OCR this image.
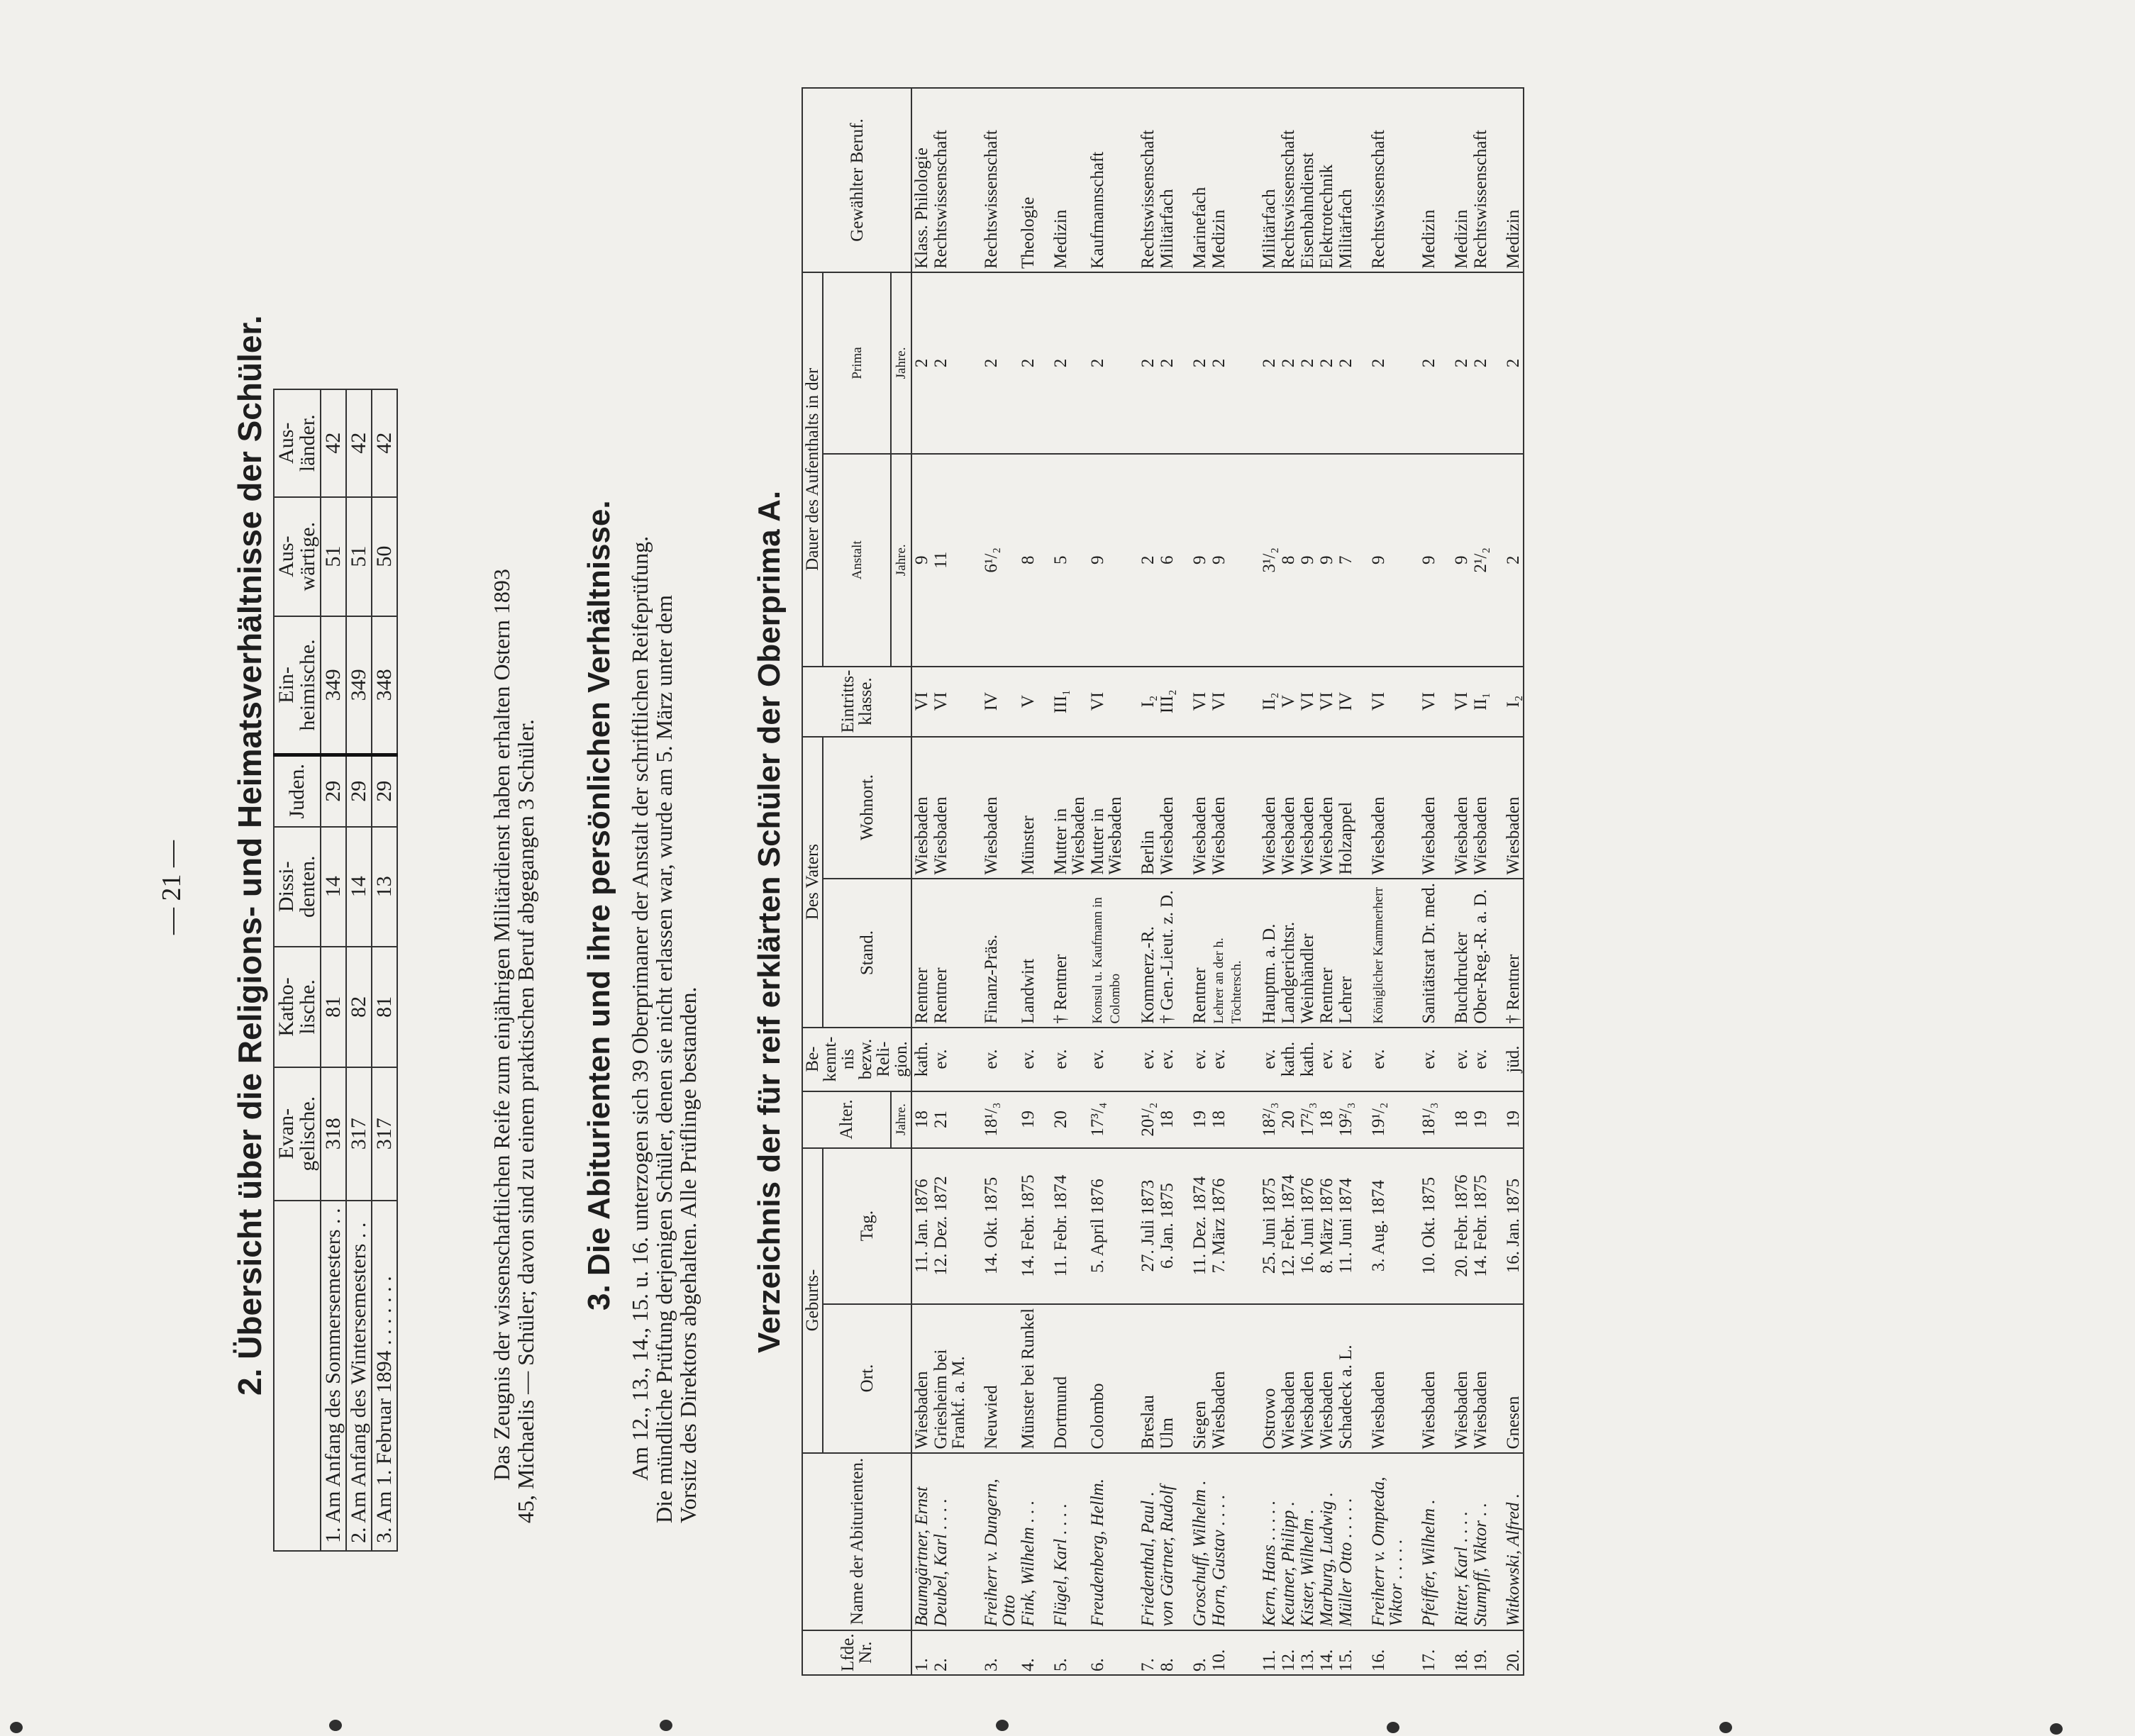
— 21 — 2. Übersicht über die Religions- und Heimatsverhältnisse der Schüler.
	Evan-gelische.	Katho-lische.	Dissi-denten.	Juden.	Ein-heimische.	Aus-wärtige.	Aus-länder.
1. Am Anfang des Sommersemesters . .	318	81	14	29	349	51	42
2. Am Anfang des Wintersemesters . .	317	82	14	29	349	51	42
3. Am 1. Februar 1894 . . . . . . .	317	81	13	29	348	50	42
Das Zeugnis der wissenschaftlichen Reife zum einjährigen Militärdienst haben erhalten Ostern 1893
45, Michaelis — Schüler; davon sind zu einem praktischen Beruf abgegangen 3 Schüler. 3. Die Abiturienten und ihre persönlichen Verhältnisse. Am 12., 13., 14., 15. u. 16. unterzogen sich 39 Oberprimaner der Anstalt der schriftlichen Reifeprüfung.
Die mündliche Prüfung derjenigen Schüler, denen sie nicht erlassen war, wurde am 5. März unter dem
Vorsitz des Direktors abgehalten. Alle Prüflinge bestanden. Verzeichnis der für reif erklärten Schüler der Oberprima A.
Lfde. Nr.	Name der Abiturienten.	Geburts-		Alter.	Be-kennt-nis bezw. Reli-gion.	Des Vaters		Eintritts-klasse.	Dauer des Aufenthalts in der		Gewählter Beruf.
		Ort.	Tag.			Stand.	Wohnort.		Anstalt	Prima	
				Jahre.					Jahre.	Jahre.	
1.	Baumgärtner, Ernst	Wiesbaden	11. Jan. 1876	18	kath.	Rentner	Wiesbaden	VI	9	2	Klass. Philologie
2.	Deubel, Karl . . . .	Griesheim bei Frankf. a. M.	12. Dez. 1872	21	ev.	Rentner	Wiesbaden	VI	11	2	Rechtswissenschaft
3.	Freiherr v. Dungern, Otto	Neuwied	14. Okt. 1875	18¹/₃	ev.	Finanz-Präs.	Wiesbaden	IV	6¹/₂	2	Rechtswissenschaft
4.	Fink, Wilhelm . . .	Münster bei Runkel	14. Febr. 1875	19	ev.	Landwirt	Münster	V	8	2	Theologie
5.	Flügel, Karl . . . .	Dortmund	11. Febr. 1874	20	ev.	† Rentner	Mutter in Wiesbaden	III₁	5	2	Medizin
6.	Freudenberg, Hellm.	Colombo	5. April 1876	17³/₄	ev.	Konsul u. Kaufmann in Colombo	Mutter in Wiesbaden	VI	9	2	Kaufmannschaft
7.	Friedenthal, Paul .	Breslau	27. Juli 1873	20¹/₂	ev.	Kommerz.-R.	Berlin	I₂	2	2	Rechtswissenschaft
8.	von Gärtner, Rudolf	Ulm	6. Jan. 1875	18	ev.	† Gen.-Lieut. z. D.	Wiesbaden	III₂	6	2	Militärfach
9.	Groschuff, Wilhelm .	Siegen	11. Dez. 1874	19	ev.	Rentner	Wiesbaden	VI	9	2	Marinefach
10.	Horn, Gustav . . . .	Wiesbaden	7. März 1876	18	ev.	Lehrer an der h. Töchtersch.	Wiesbaden	VI	9	2	Medizin
11.	Kern, Hans . . . . .	Ostrowo	25. Juni 1875	18²/₃	ev.	Hauptm. a. D.	Wiesbaden	II₂	3¹/₂	2	Militärfach
12.	Keutner, Philipp .	Wiesbaden	12. Febr. 1874	20	kath.	Landgerichtsr.	Wiesbaden	V	8	2	Rechtswissenschaft
13.	Kister, Wilhelm .	Wiesbaden	16. Juni 1876	17²/₃	kath.	Weinhändler	Wiesbaden	VI	9	2	Eisenbahndienst
14.	Marburg, Ludwig .	Wiesbaden	8. März 1876	18	ev.	Rentner	Wiesbaden	VI	9	2	Elektrotechnik
15.	Müller Otto . . . . .	Schadeck a. L.	11. Juni 1874	19²/₃	ev.	Lehrer	Holzappel	IV	7	2	Militärfach
16.	Freiherr v. Ompteda, Viktor . . . . .	Wiesbaden	3. Aug. 1874	19¹/₂	ev.	Königlicher Kammerherr	Wiesbaden	VI	9	2	Rechtswissenschaft
17.	Pfeiffer, Wilhelm .	Wiesbaden	10. Okt. 1875	18¹/₃	ev.	Sanitätsrat Dr. med.	Wiesbaden	VI	9	2	Medizin
18.	Ritter, Karl . . . .	Wiesbaden	20. Febr. 1876	18	ev.	Buchdrucker	Wiesbaden	VI	9	2	Medizin
19.	Stumpff, Viktor . .	Wiesbaden	14. Febr. 1875	19	ev.	Ober-Reg.-R. a. D.	Wiesbaden	II₁	2¹/₂	2	Rechtswissenschaft
20.	Witkowski, Alfred .	Gnesen	16. Jan. 1875	19	jüd.	† Rentner	Wiesbaden	I₂	2	2	Medizin
